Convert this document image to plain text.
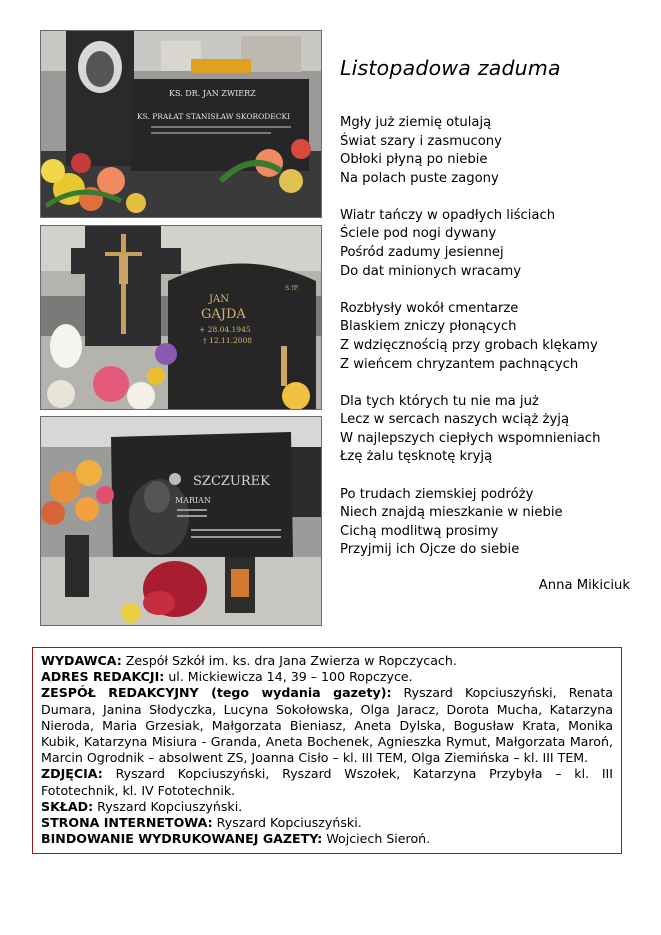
KS. DR. JAN ZWIERZ
KS. PRAŁAT STANISŁAW SKORODECKI
JAN
GAJDA
+ 28.04.1945
† 12.11.2008
S.†P.
SZCZUREK
MARIAN
Listopadowa zaduma
Mgły już ziemię otulają
Świat szary i zasmucony
Obłoki płyną po niebie
Na polach puste zagony
Wiatr tańczy w opadłych liściach
Ściele pod nogi dywany
Pośród zadumy jesiennej
Do dat minionych wracamy
Rozbłysły wokół cmentarze
Blaskiem zniczy płonących
Z wdzięcznością przy grobach klękamy
Z wieńcem chryzantem pachnących
Dla tych których tu nie ma już
Lecz w sercach naszych wciąż żyją
W najlepszych ciepłych wspomnieniach
Łzę żalu tęsknotę kryją
Po trudach ziemskiej podróży
Niech znajdą mieszkanie w niebie
Cichą modlitwą prosimy
Przyjmij ich Ojcze do siebie
Anna Mikiciuk

WYDAWCA: Zespół Szkół im. ks. dra Jana Zwierza w Ropczycach.

ADRES REDAKCJI: ul. Mickiewicza 14, 39 – 100 Ropczyce.

ZESPÓŁ REDAKCYJNY (tego wydania gazety): Ryszard Kopciuszyński, Renata Dumara, Janina Słodyczka, Lucyna Sokołowska, Olga Jaracz, Dorota Mucha, Katarzyna Nieroda, Maria Grzesiak, Małgorzata Bieniasz, Aneta Dylska, Bogusław Krata, Monika Kubik, Katarzyna Misiura - Granda, Aneta Bochenek, Agnieszka Rymut, Małgorzata Maroń, Marcin Ogrodnik – absolwent ZS, Joanna Cisło – kl. III TEM, Olga Ziemińska – kl. III TEM.

ZDJĘCIA: Ryszard Kopciuszyński, Ryszard Wszołek, Katarzyna Przybyła – kl. III Fototechnik, kl. IV Fototechnik.

SKŁAD: Ryszard Kopciuszyński.

STRONA INTERNETOWA: Ryszard Kopciuszyński.

BINDOWANIE WYDRUKOWANEJ GAZETY: Wojciech Sieroń.
